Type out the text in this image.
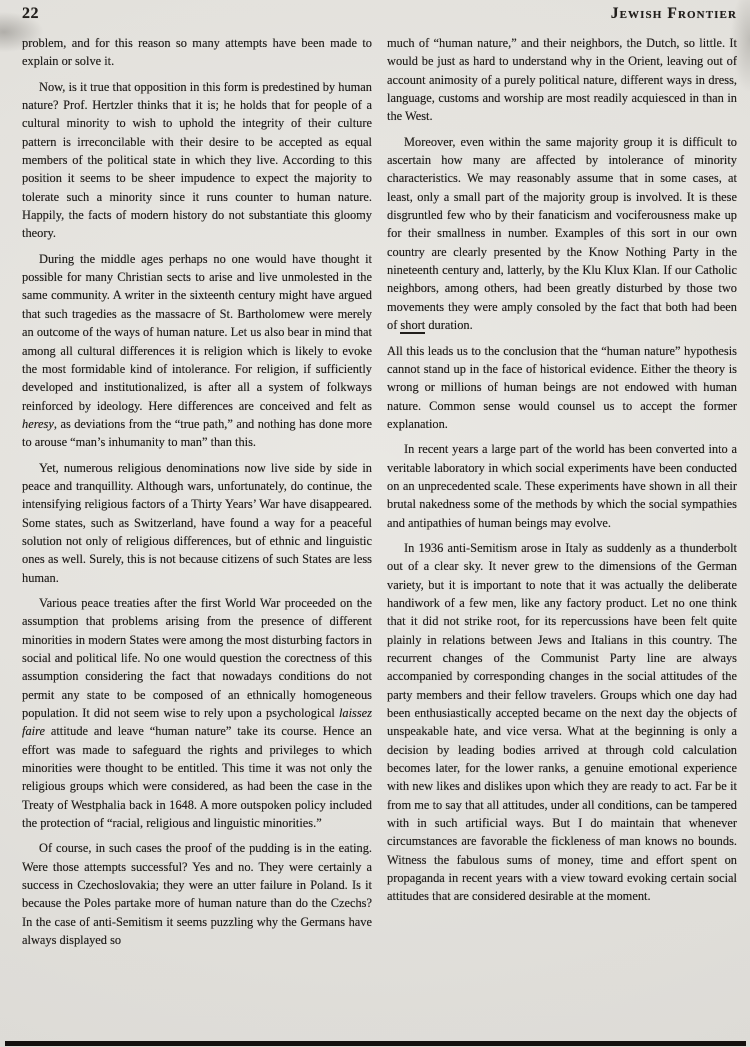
22	Jewish Frontier

problem, and for this reason so many attempts have been made to explain or solve it.

Now, is it true that opposition in this form is predestined by human nature? Prof. Hertzler thinks that it is; he holds that for people of a cultural minority to wish to uphold the integrity of their culture pattern is irreconcilable with their desire to be accepted as equal members of the political state in which they live. According to this position it seems to be sheer impudence to expect the majority to tolerate such a minority since it runs counter to human nature. Happily, the facts of modern history do not substantiate this gloomy theory.

During the middle ages perhaps no one would have thought it possible for many Christian sects to arise and live unmolested in the same community. A writer in the sixteenth century might have argued that such tragedies as the massacre of St. Bartholomew were merely an outcome of the ways of human nature. Let us also bear in mind that among all cultural differences it is religion which is likely to evoke the most formidable kind of intolerance. For religion, if sufficiently developed and institutionalized, is after all a system of folkways reinforced by ideology. Here differences are conceived and felt as heresy, as deviations from the “true path,” and nothing has done more to arouse “man’s inhumanity to man” than this.

Yet, numerous religious denominations now live side by side in peace and tranquillity. Although wars, unfortunately, do continue, the intensifying religious factors of a Thirty Years’ War have disappeared. Some states, such as Switzerland, have found a way for a peaceful solution not only of religious differences, but of ethnic and linguistic ones as well. Surely, this is not because citizens of such States are less human.

Various peace treaties after the first World War proceeded on the assumption that problems arising from the presence of different minorities in modern States were among the most disturbing factors in social and political life. No one would question the corectness of this assumption considering the fact that nowadays conditions do not permit any state to be composed of an ethnically homogeneous population. It did not seem wise to rely upon a psychological laissez faire attitude and leave “human nature” take its course. Hence an effort was made to safeguard the rights and privileges to which minorities were thought to be entitled. This time it was not only the religious groups which were considered, as had been the case in the Treaty of Westphalia back in 1648. A more outspoken policy included the protection of “racial, religious and linguistic minorities.”

Of course, in such cases the proof of the pudding is in the eating. Were those attempts successful? Yes and no. They were certainly a success in Czechoslovakia; they were an utter failure in Poland. Is it because the Poles partake more of human nature than do the Czechs? In the case of anti-Semitism it seems puzzling why the Germans have always displayed so

much of “human nature,” and their neighbors, the Dutch, so little. It would be just as hard to understand why in the Orient, leaving out of account animosity of a purely political nature, different ways in dress, language, customs and worship are most readily acquiesced in than in the West.

Moreover, even within the same majority group it is difficult to ascertain how many are affected by intolerance of minority characteristics. We may reasonably assume that in some cases, at least, only a small part of the majority group is involved. It is these disgruntled few who by their fanaticism and vociferousness make up for their smallness in number. Examples of this sort in our own country are clearly presented by the Know Nothing Party in the nineteenth century and, latterly, by the Klu Klux Klan. If our Catholic neighbors, among others, had been greatly disturbed by those two movements they were amply consoled by the fact that both had been of short duration.

All this leads us to the conclusion that the “human nature” hypothesis cannot stand up in the face of historical evidence. Either the theory is wrong or millions of human beings are not endowed with human nature. Common sense would counsel us to accept the former explanation.

In recent years a large part of the world has been converted into a veritable laboratory in which social experiments have been conducted on an unprecedented scale. These experiments have shown in all their brutal nakedness some of the methods by which the social sympathies and antipathies of human beings may evolve.

In 1936 anti-Semitism arose in Italy as suddenly as a thunderbolt out of a clear sky. It never grew to the dimensions of the German variety, but it is important to note that it was actually the deliberate handiwork of a few men, like any factory product. Let no one think that it did not strike root, for its repercussions have been felt quite plainly in relations between Jews and Italians in this country. The recurrent changes of the Communist Party line are always accompanied by corresponding changes in the social attitudes of the party members and their fellow travelers. Groups which one day had been enthusiastically accepted became on the next day the objects of unspeakable hate, and vice versa. What at the beginning is only a decision by leading bodies arrived at through cold calculation becomes later, for the lower ranks, a genuine emotional experience with new likes and dislikes upon which they are ready to act. Far be it from me to say that all attitudes, under all conditions, can be tampered with in such artificial ways. But I do maintain that whenever circumstances are favorable the fickleness of man knows no bounds. Witness the fabulous sums of money, time and effort spent on propaganda in recent years with a view toward evoking certain social attitudes that are considered desirable at the moment.
